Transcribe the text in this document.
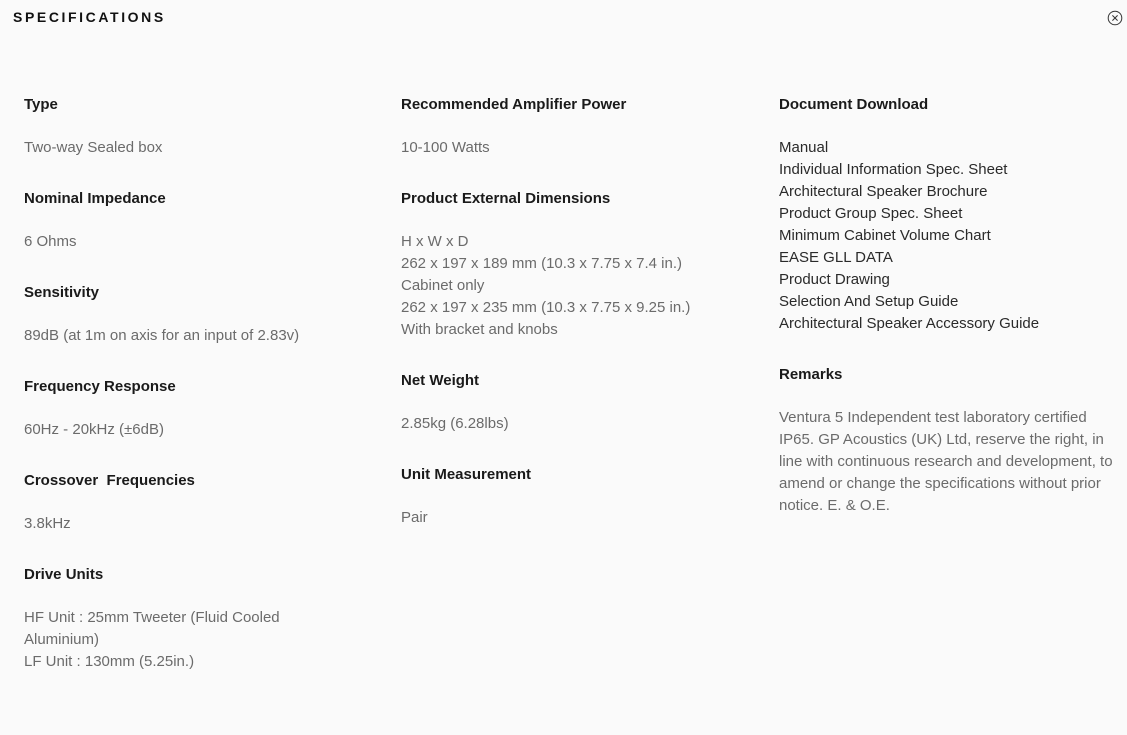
SPECIFICATIONS
Type
Two-way Sealed box
Nominal Impedance
6 Ohms
Sensitivity
89dB (at 1m on axis for an input of 2.83v)
Frequency Response
60Hz - 20kHz (±6dB)
Crossover  Frequencies
3.8kHz
Drive Units
HF Unit : 25mm Tweeter (Fluid Cooled Aluminium)
LF Unit : 130mm (5.25in.)
Recommended Amplifier Power
10-100 Watts
Product External Dimensions
H x W x D
262 x 197 x 189 mm (10.3 x 7.75 x 7.4 in.)
Cabinet only
262 x 197 x 235 mm (10.3 x 7.75 x 9.25 in.)
With bracket and knobs
Net Weight
2.85kg (6.28lbs)
Unit Measurement
Pair
Document Download
Manual
Individual Information Spec. Sheet
Architectural Speaker Brochure
Product Group Spec. Sheet
Minimum Cabinet Volume Chart
EASE GLL DATA
Product Drawing
Selection And Setup Guide
Architectural Speaker Accessory Guide
Remarks
Ventura 5 Independent test laboratory certified IP65. GP Acoustics (UK) Ltd, reserve the right, in line with continuous research and development, to amend or change the specifications without prior notice. E. & O.E.
